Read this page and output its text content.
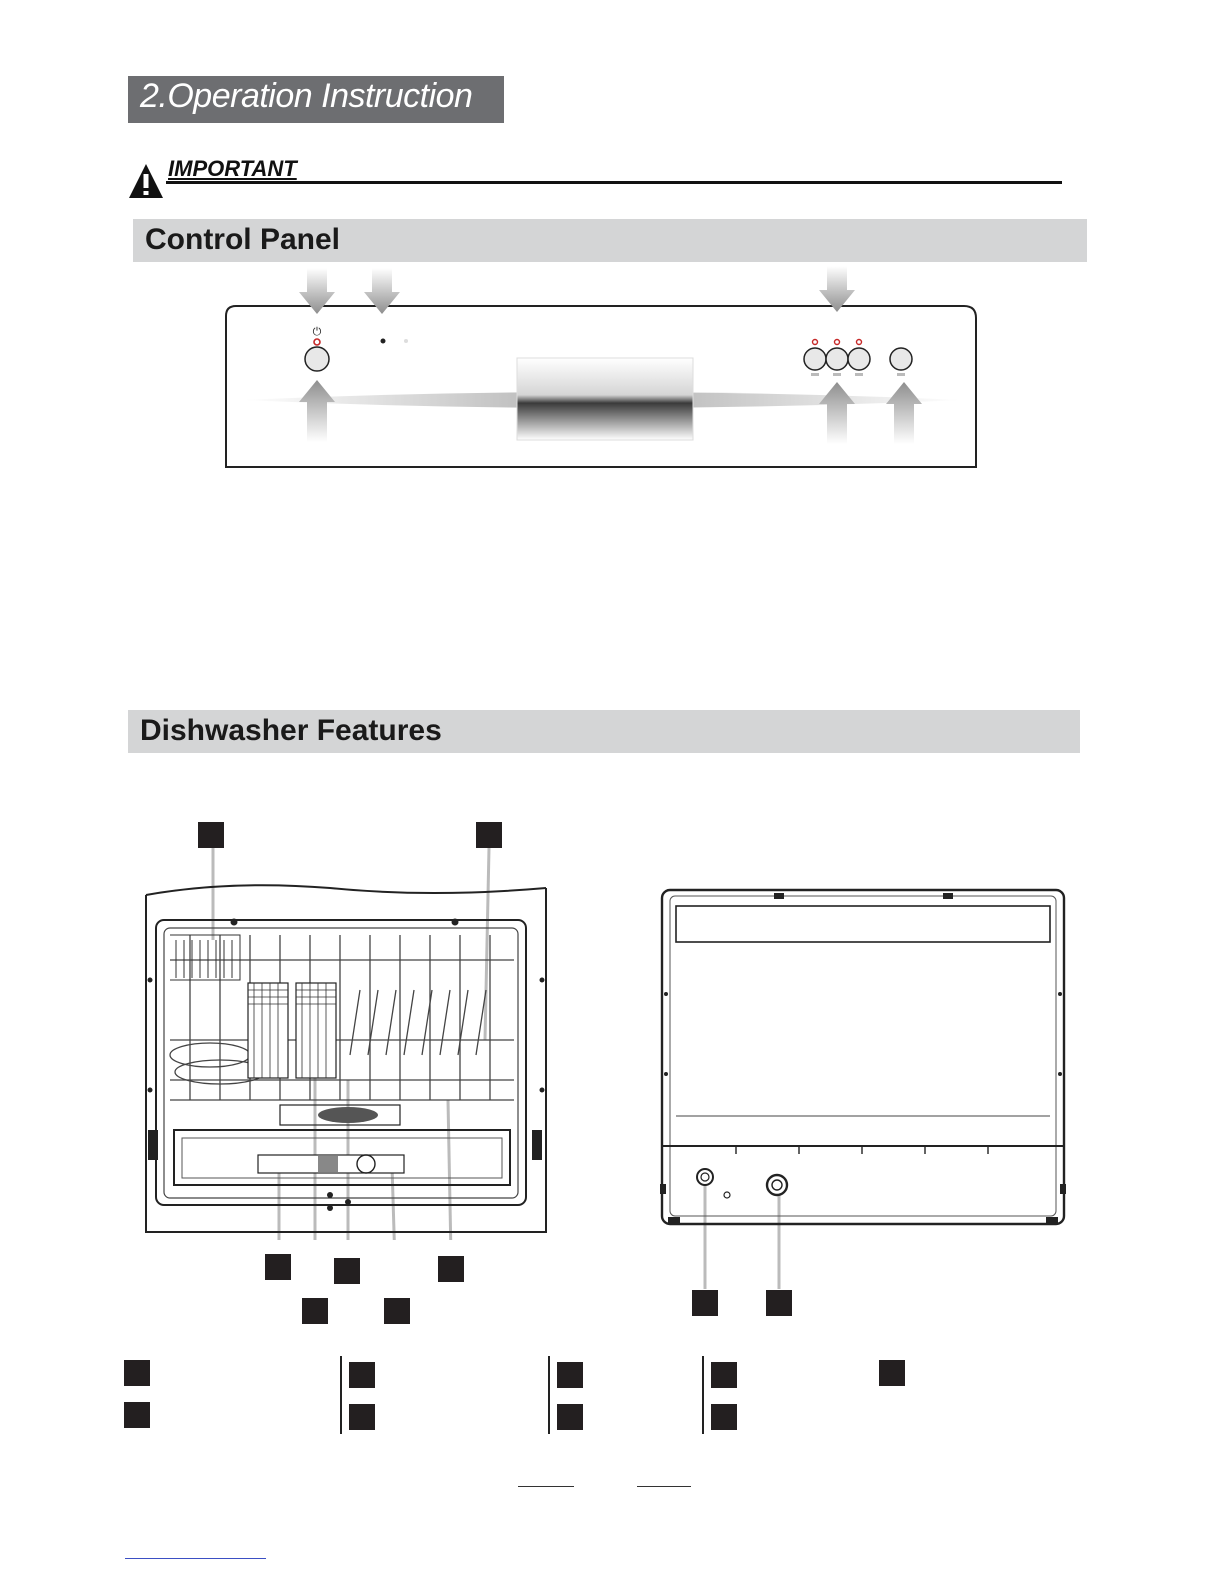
2.Operation Instruction
IMPORTANT
Control Panel
⏻
Dishwasher Features
